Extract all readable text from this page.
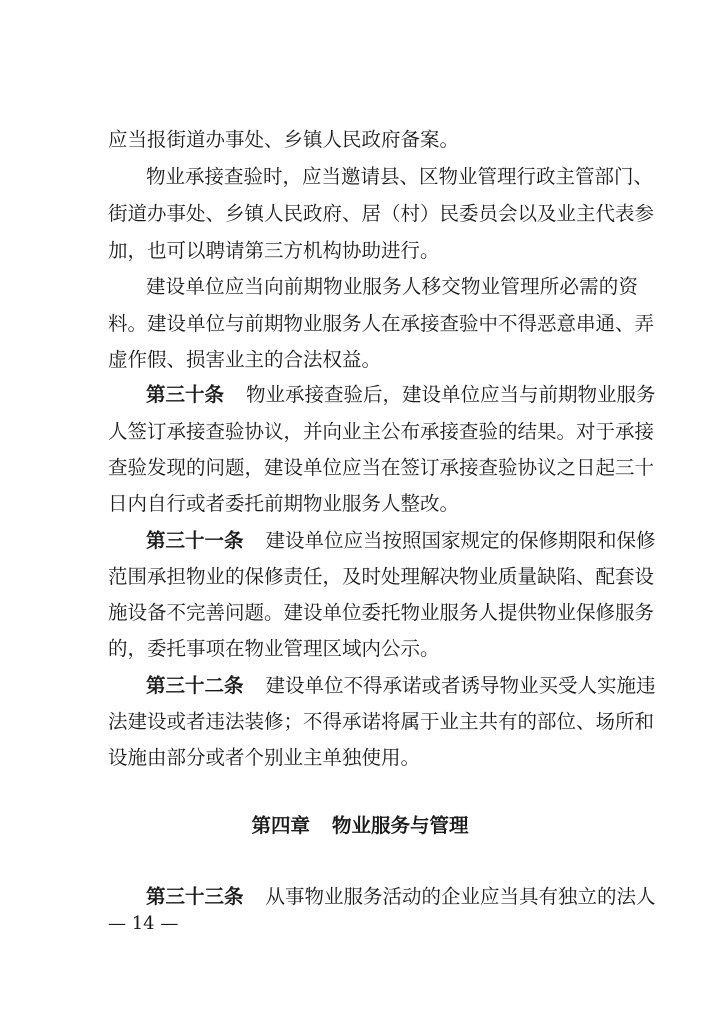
应当报街道办事处、乡镇人民政府备案。
物业承接查验时，应当邀请县、区物业管理行政主管部门、
街道办事处、乡镇人民政府、居（村）民委员会以及业主代表参
加，也可以聘请第三方机构协助进行。
建设单位应当向前期物业服务人移交物业管理所必需的资
料。建设单位与前期物业服务人在承接查验中不得恶意串通、弄
虚作假、损害业主的合法权益。
第三十条 物业承接查验后，建设单位应当与前期物业服务
人签订承接查验协议，并向业主公布承接查验的结果。对于承接
查验发现的问题，建设单位应当在签订承接查验协议之日起三十
日内自行或者委托前期物业服务人整改。
第三十一条 建设单位应当按照国家规定的保修期限和保修
范围承担物业的保修责任，及时处理解决物业质量缺陷、配套设
施设备不完善问题。建设单位委托物业服务人提供物业保修服务
的，委托事项在物业管理区域内公示。
第三十二条 建设单位不得承诺或者诱导物业买受人实施违
法建设或者违法装修；不得承诺将属于业主共有的部位、场所和
设施由部分或者个别业主单独使用。
第四章 物业服务与管理
第三十三条 从事物业服务活动的企业应当具有独立的法人
— 14 —
